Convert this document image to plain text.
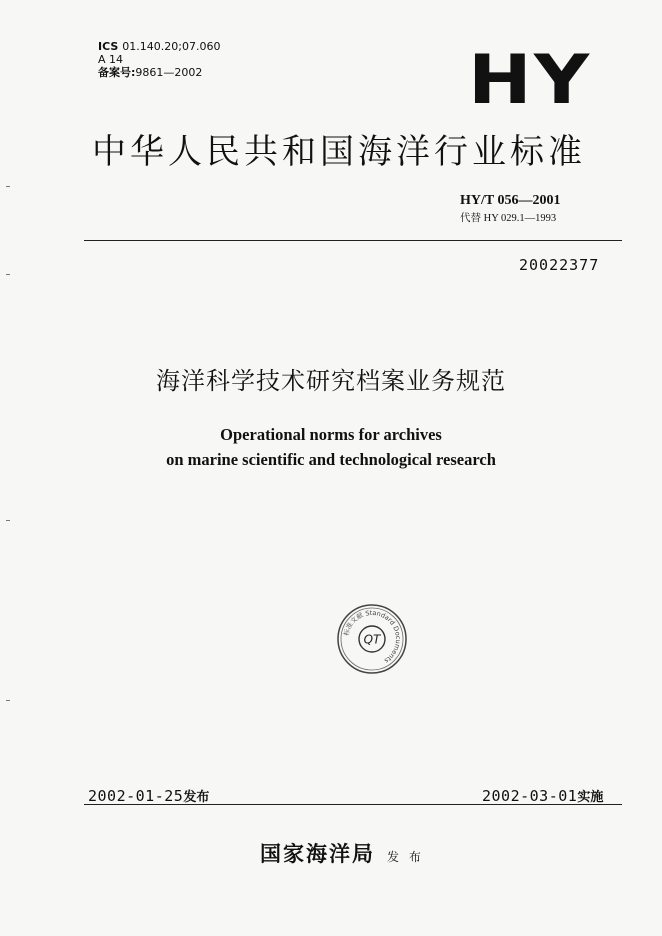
ICS 01.140.20;07.060
A 14
备案号:9861—2002	HY
中华人民共和国海洋行业标准
HY/T 056—2001
代替 HY 029.1—1993
20022377
海洋科学技术研究档案业务规范
Operational norms for archives
on marine scientific and technological research
标准文献 Standard Documents
QT
2002-01-25发布	2002-03-01实施
国家海洋局 发 布
